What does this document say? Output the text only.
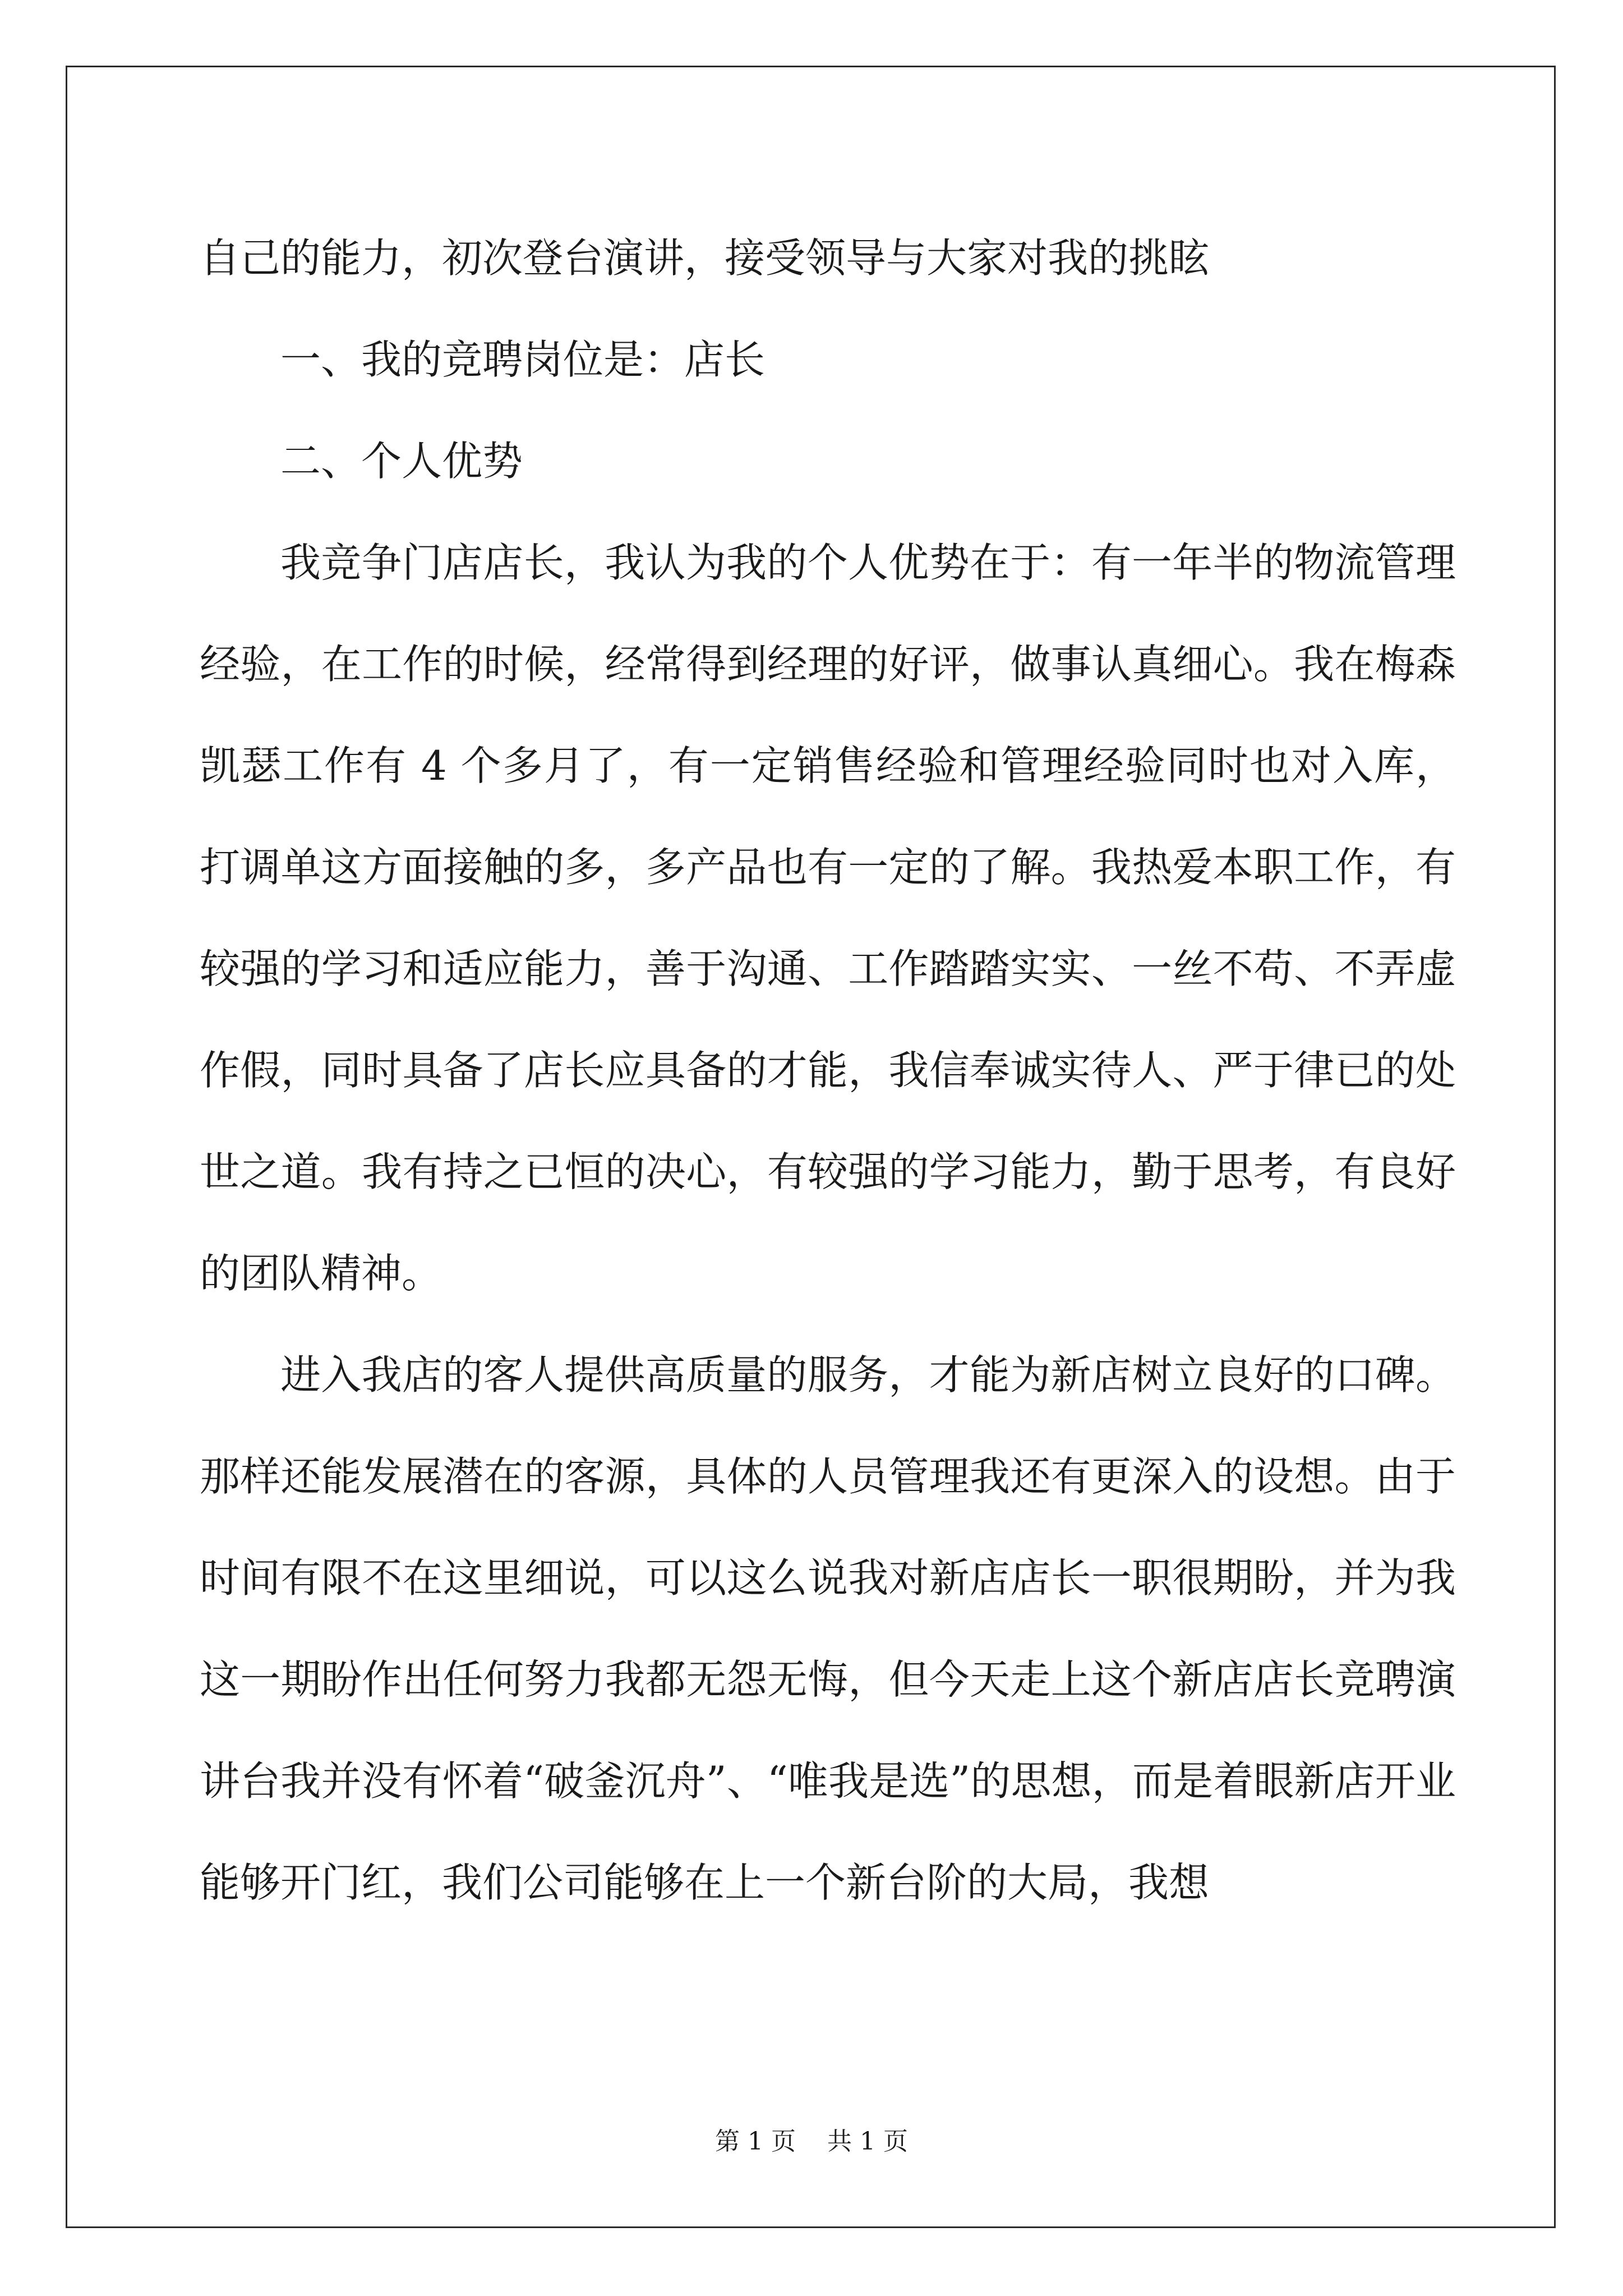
自己的能力，初次登台演讲，接受领导与大家对我的挑眩

一、我的竞聘岗位是：店长

二、个人优势

我竞争门店店长，我认为我的个人优势在于：有一年半的物流管理经验，在工作的时候，经常得到经理的好评，做事认真细心。我在梅森凯瑟工作有 4 个多月了，有一定销售经验和管理经验同时也对入库，打调单这方面接触的多，多产品也有一定的了解。我热爱本职工作，有较强的学习和适应能力，善于沟通、工作踏踏实实、一丝不苟、不弄虚作假，同时具备了店长应具备的才能，我信奉诚实待人、严于律已的处世之道。我有持之已恒的决心，有较强的学习能力，勤于思考，有良好的团队精神。

进入我店的客人提供高质量的服务，才能为新店树立良好的口碑。那样还能发展潜在的客源，具体的人员管理我还有更深入的设想。由于时间有限不在这里细说，可以这么说我对新店店长一职很期盼，并为我这一期盼作出任何努力我都无怨无悔，但今天走上这个新店店长竞聘演讲台我并没有怀着“破釜沉舟”、“唯我是选”的思想，而是着眼新店开业能够开门红，我们公司能够在上一个新台阶的大局，我想

第 1 页 共 1 页
